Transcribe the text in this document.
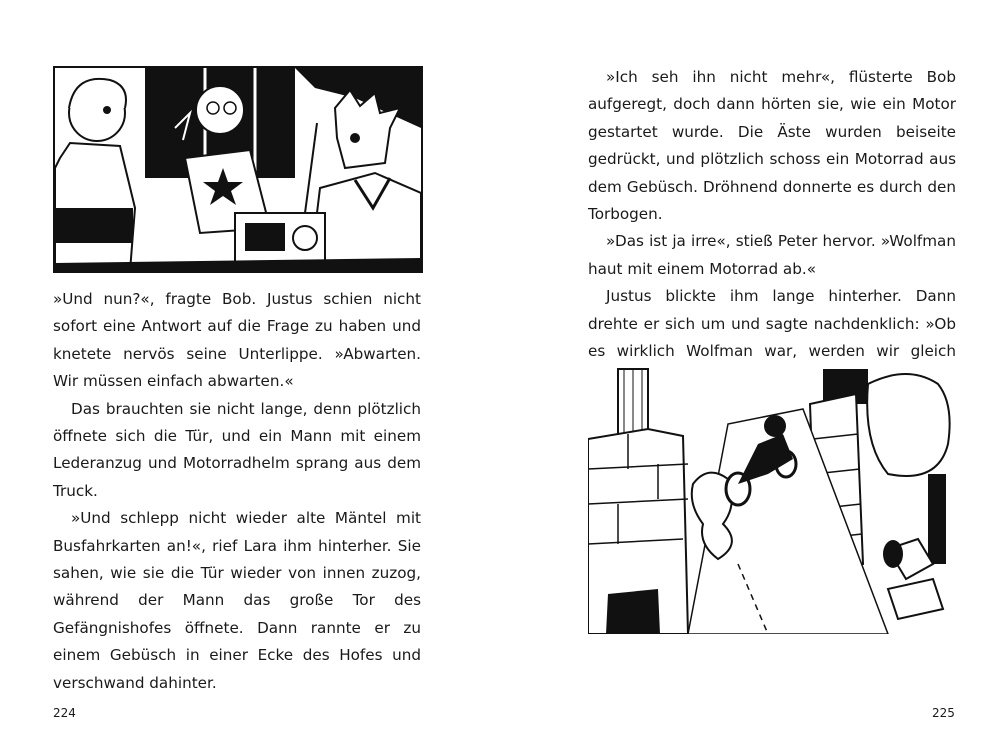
»Und nun?«, fragte Bob. Justus schien nicht sofort eine Antwort auf die Frage zu haben und knetete nervös seine Unterlippe. »Abwarten. Wir müssen einfach abwarten.«

Das brauchten sie nicht lange, denn plötzlich öffnete sich die Tür, und ein Mann mit einem Lederanzug und Motorradhelm sprang aus dem Truck.

»Und schlepp nicht wieder alte Mäntel mit Busfahrkarten an!«, rief Lara ihm hinterher. Sie sahen, wie sie die Tür wieder von innen zuzog, während der Mann das große Tor des Gefängnishofes öffnete. Dann rannte er zu einem Gebüsch in einer Ecke des Hofes und verschwand dahinter.

224

»Ich seh ihn nicht mehr«, flüsterte Bob aufgeregt, doch dann hörten sie, wie ein Motor gestartet wurde. Die Äste wurden beiseite gedrückt, und plötzlich schoss ein Motorrad aus dem Gebüsch. Dröhnend donnerte es durch den Torbogen.

»Das ist ja irre«, stieß Peter hervor. »Wolfman haut mit einem Motorrad ab.«

Justus blickte ihm lange hinterher. Dann drehte er sich um und sagte nachdenklich: »Ob es wirklich Wolfman war, werden wir gleich

225
